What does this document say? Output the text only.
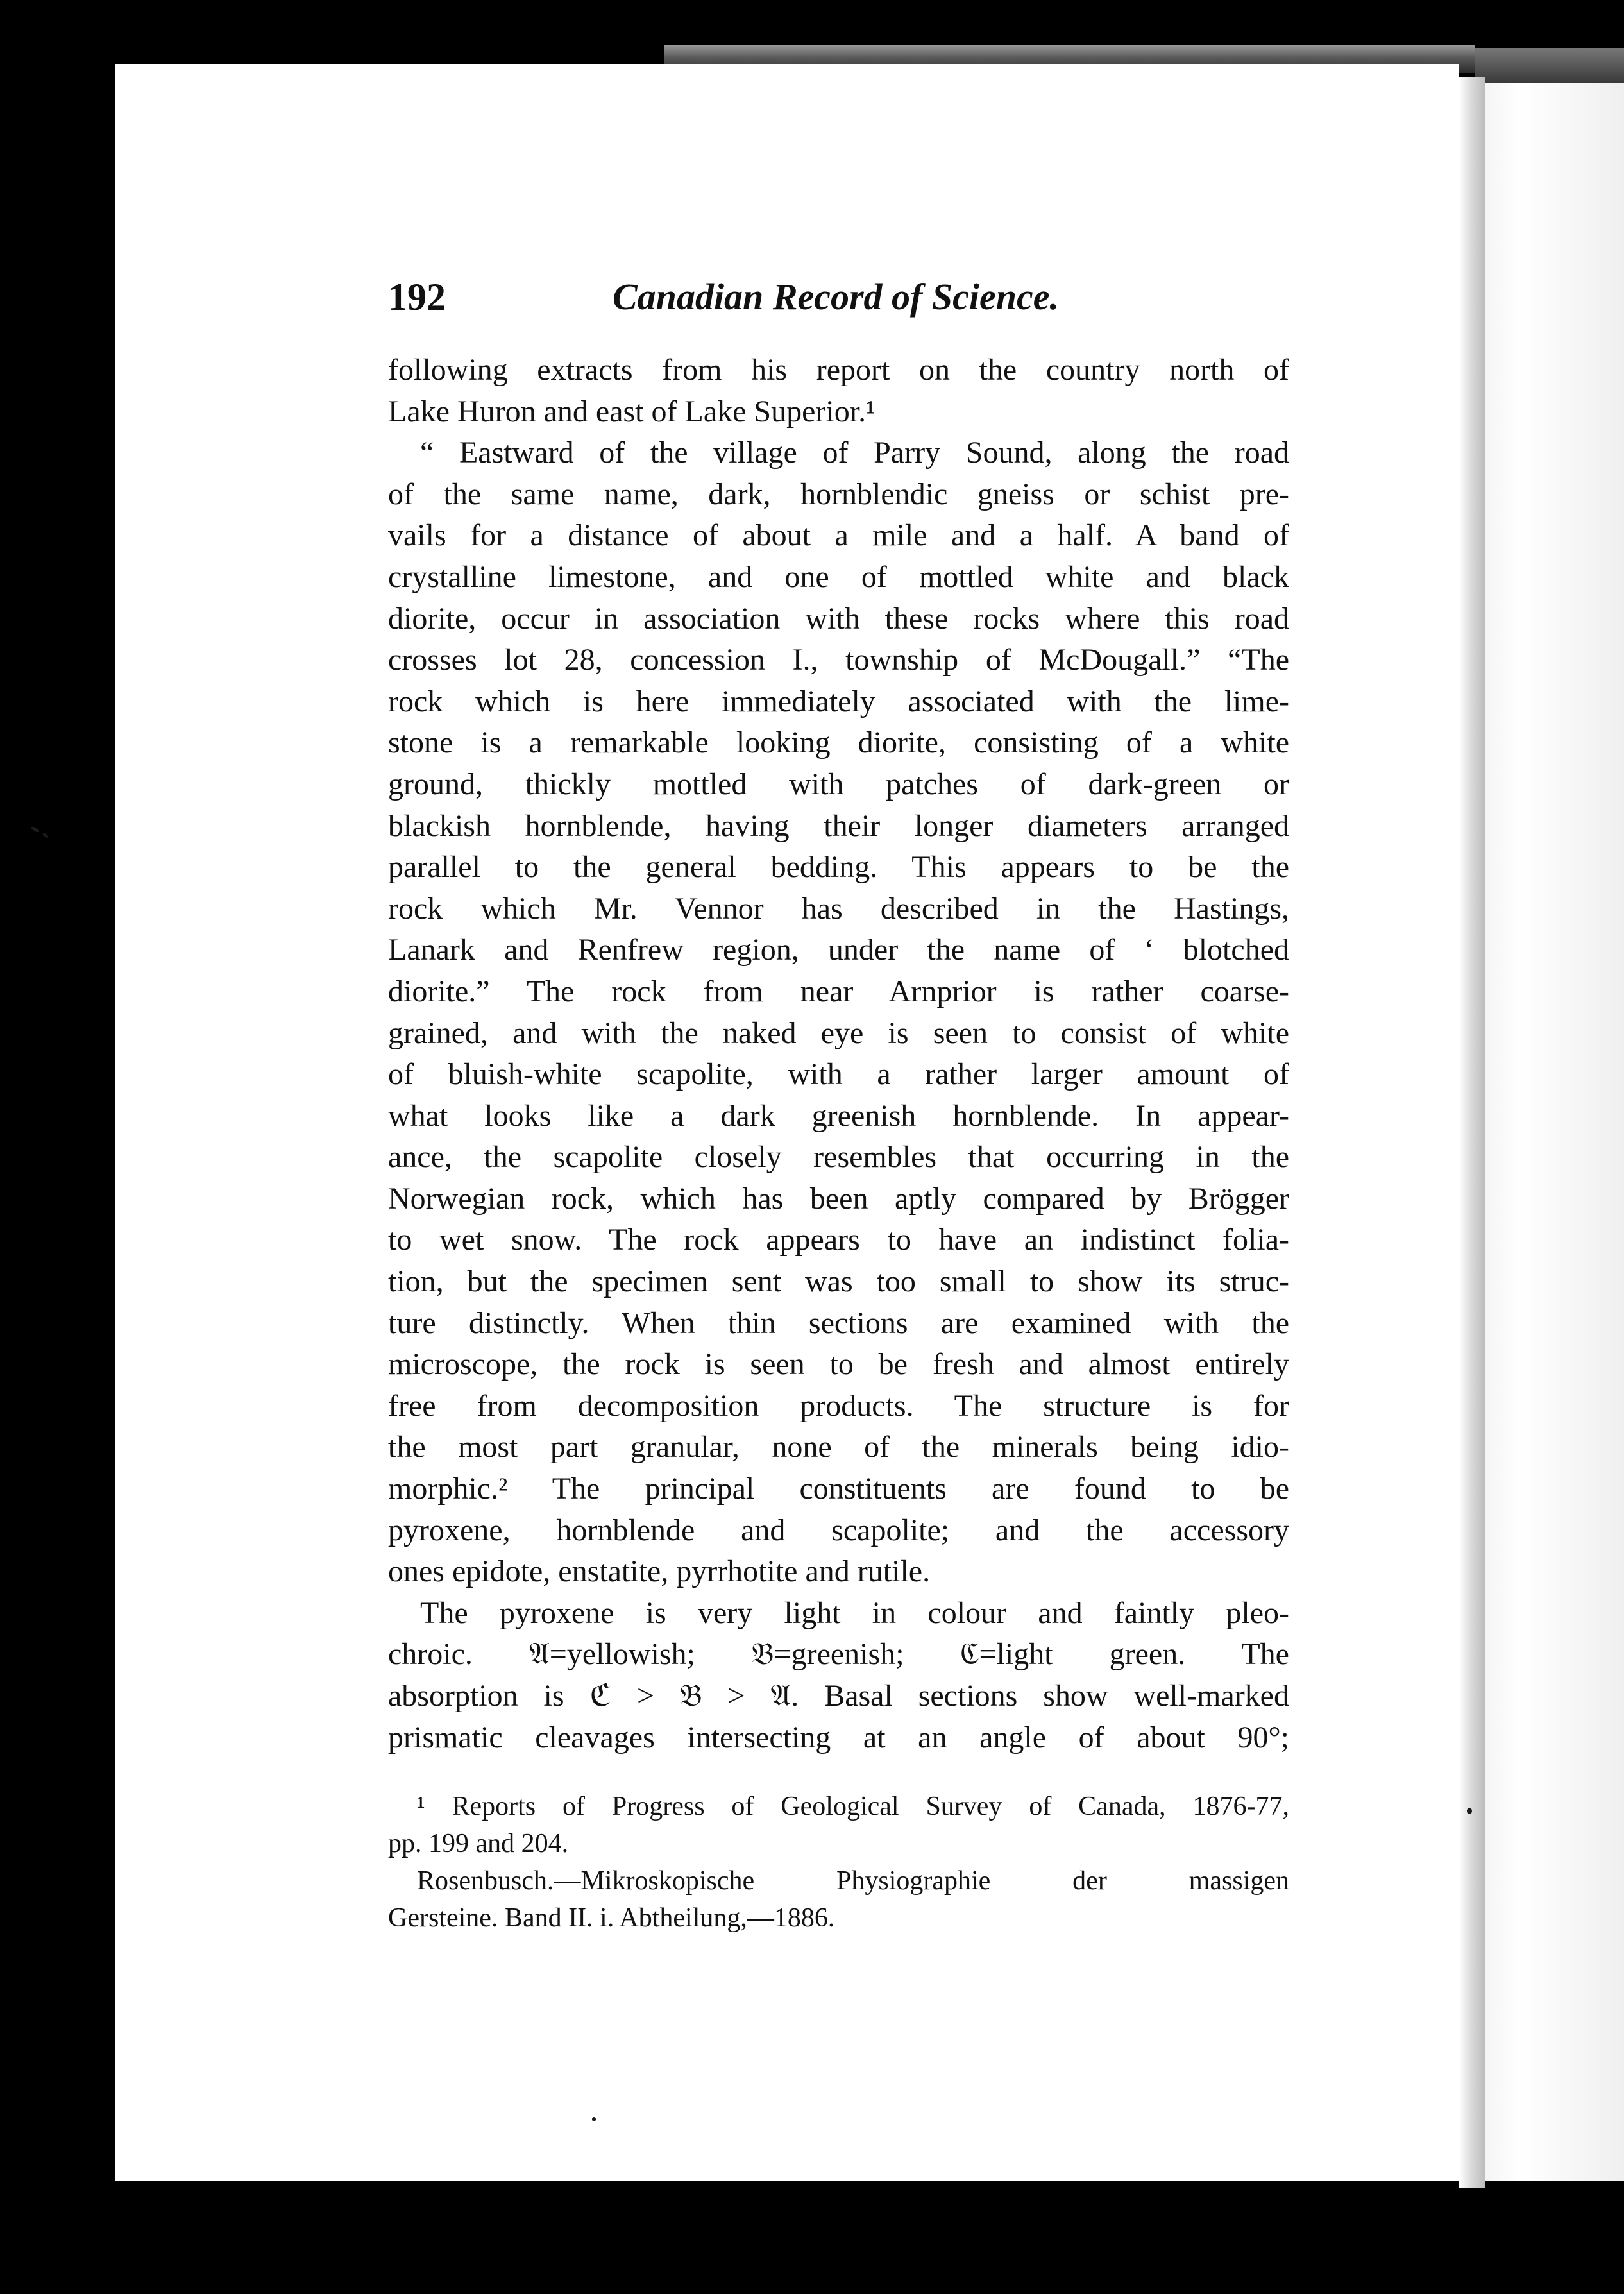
192	Canadian Record of Science.
following extracts from his report on the country north of
Lake Huron and east of Lake Superior.¹
“ Eastward of the village of Parry Sound, along the road
of the same name, dark, hornblendic gneiss or schist pre-
vails for a distance of about a mile and a half. A band of
crystalline limestone, and one of mottled white and black
diorite, occur in association with these rocks where this road
crosses lot 28, concession I., township of McDougall.” “The
rock which is here immediately associated with the lime-
stone is a remarkable looking diorite, consisting of a white
ground, thickly mottled with patches of dark-green or
blackish hornblende, having their longer diameters arranged
parallel to the general bedding. This appears to be the
rock which Mr. Vennor has described in the Hastings,
Lanark and Renfrew region, under the name of ‘ blotched
diorite.” The rock from near Arnprior is rather coarse-
grained, and with the naked eye is seen to consist of white
of bluish-white scapolite, with a rather larger amount of
what looks like a dark greenish hornblende. In appear-
ance, the scapolite closely resembles that occurring in the
Norwegian rock, which has been aptly compared by Brögger
to wet snow. The rock appears to have an indistinct folia-
tion, but the specimen sent was too small to show its struc-
ture distinctly. When thin sections are examined with the
microscope, the rock is seen to be fresh and almost entirely
free from decomposition products. The structure is for
the most part granular, none of the minerals being idio-
morphic.² The principal constituents are found to be
pyroxene, hornblende and scapolite; and the accessory
ones epidote, enstatite, pyrrhotite and rutile.
The pyroxene is very light in colour and faintly pleo-
chroic. 𝔄=yellowish; 𝔅=greenish; ℭ=light green. The
absorption is ℭ > 𝔅 > 𝔄. Basal sections show well-marked
prismatic cleavages intersecting at an angle of about 90°;
¹ Reports of Progress of Geological Survey of Canada, 1876-77,
pp. 199 and 204.
Rosenbusch.—Mikroskopische Physiographie der massigen
Gersteine. Band II. i. Abtheilung,—1886.
